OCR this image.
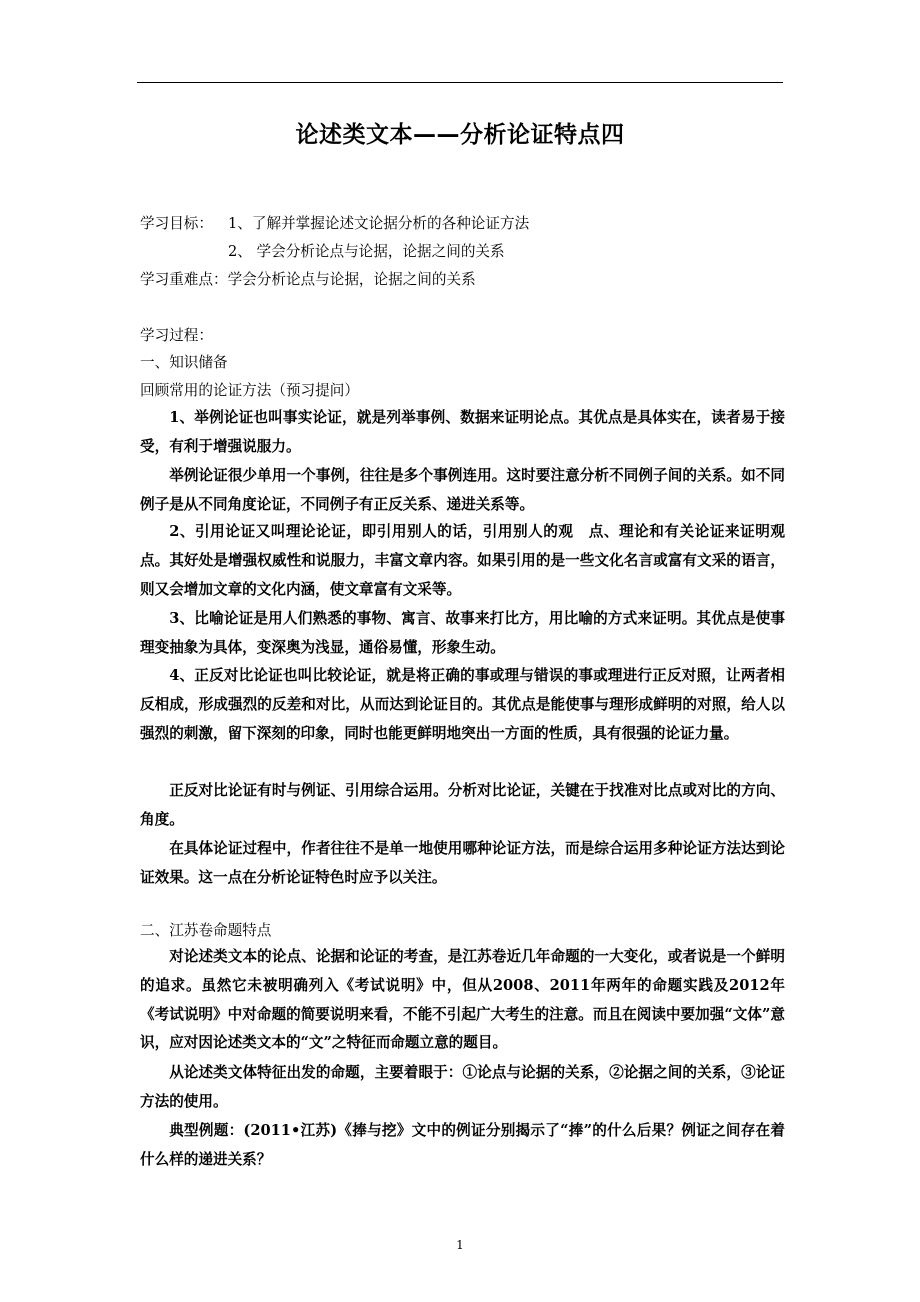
论述类文本——分析论证特点四
学习目标： 1、了解并掌握论述文论据分析的各种论证方法
2、 学会分析论点与论据，论据之间的关系
学习重难点：学会分析论点与论据，论据之间的关系
学习过程：
一、知识储备
回顾常用的论证方法（预习提问）
1、举例论证也叫事实论证，就是列举事例、数据来证明论点。其优点是具体实在，读者易于接受，有利于增强说服力。
举例论证很少单用一个事例，往往是多个事例连用。这时要注意分析不同例子间的关系。如不同例子是从不同角度论证，不同例子有正反关系、递进关系等。
2、引用论证又叫理论论证，即引用别人的话，引用别人的观　点、理论和有关论证来证明观点。其好处是增强权威性和说服力，丰富文章内容。如果引用的是一些文化名言或富有文采的语言，则又会增加文章的文化内涵，使文章富有文采等。
3、比喻论证是用人们熟悉的事物、寓言、故事来打比方，用比喻的方式来证明。其优点是使事理变抽象为具体，变深奥为浅显，通俗易懂，形象生动。
4、正反对比论证也叫比较论证，就是将正确的事或理与错误的事或理进行正反对照，让两者相反相成，形成强烈的反差和对比，从而达到论证目的。其优点是能使事与理形成鲜明的对照，给人以强烈的刺激，留下深刻的印象，同时也能更鲜明地突出一方面的性质，具有很强的论证力量。
正反对比论证有时与例证、引用综合运用。分析对比论证，关键在于找准对比点或对比的方向、角度。
在具体论证过程中，作者往往不是单一地使用哪种论证方法，而是综合运用多种论证方法达到论证效果。这一点在分析论证特色时应予以关注。
二、江苏卷命题特点
对论述类文本的论点、论据和论证的考查，是江苏卷近几年命题的一大变化，或者说是一个鲜明的追求。虽然它未被明确列入《考试说明》中，但从2008、2011年两年的命题实践及2012年《考试说明》中对命题的简要说明来看，不能不引起广大考生的注意。而且在阅读中要加强“文体”意识，应对因论述类文本的“文”之特征而命题立意的题目。
从论述类文体特征出发的命题，主要着眼于：①论点与论据的关系，②论据之间的关系，③论证方法的使用。
典型例题：(2011•江苏)《捧与挖》文中的例证分别揭示了“捧”的什么后果？例证之间存在着什么样的递进关系？
1
